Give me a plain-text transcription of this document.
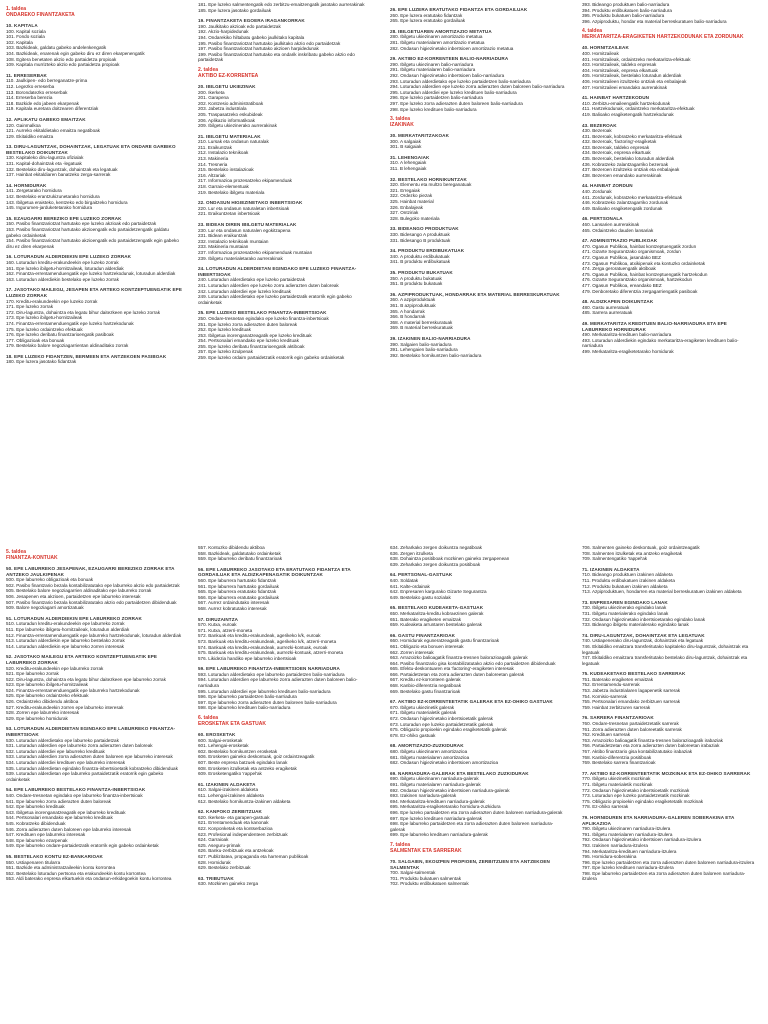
1. taldea
ONDAREKO FINANTZAKETA
10. KAPITALA
100. Kapital soziala
101. Fondo soziala
102. Kapitala
103. Bazkideak, galdatu gabeko andelenkengatik
104. Bazkideak, enarenak egin gabeko diru ez diren ekarpenengatik
108. Egitera benetaten akzio edo partaidetza propioak
109. Kapitala murrizteko akzio edo partaidetza propioak
11. ERRESERBAK
110. Jaulkipen- edo berreganatze-prima
112. Legezko erreserba
113. Borondatezko erreserbak
114. Erreserba berezia
118. Bazkide edo jabeen ekarpenak
119. Kapitala euretara doitzearen diferentziak
12. APLIKATU GABEKO EMAITZAK
120. Gainmalkoa
121. Aurreko ekitaldietako emaitza negatiboak
129. Ekitaldiko emaitza
13. DIRU-LAGUNTZAK, DOHAINTZAK, LEGATUAK ETA ONDARE GARBIKO BESTELAKO DOIKUNTZAK
130. Kapitaleko diru-laguntza ofizialak
131. Kapital-dohaintzak eta -legatuak
132. Bestelako diru-laguntzak, dohaintzak eta legatuak
137. Hainbat ekitaldiaren banatzeko zerga-sarrerak
14. HORNIDURAK
141. Zergetarako hornidura
142. Bestelako erantzukizunetarako hornidura
143. Ibilgetua eraisteko, kentzeko edo birgaitzeko hornidura
145. Ingurumen-jarduketetarako hornidura
15. EZAUGARRI BEREZIKO EPE LUZEKO ZORRAK
150. Pasibo finantzariotzat hartutako epe luzeko akzioak edo partaidetzak
153. Pasibo finantzariotzat hartutako akzioengatik edo partaidetzengatik galdatu gabeko ordainketak
154. Pasibo finantzariotzat hartutako akzioengatik edo partaidetzengatik egin gabeko diru ez diren ekarpenak
16. LOTURADUN ALDERDIEKIN EPE LUZEKO ZORRAK
160. Loturadun kreditu-erakundeekin epe luzeko zorrak
161. Epe luzeko ibilgetu-hornitzaileak, loturadun alderdiak
162. Finantza-errentamenduengatik epe luzeko hartzekodunak, loturadun alderdiak
163. Loturadun alderdiekin bestelako epe luzeko zorrak
17. JASOTAKO MAILEGU, JESAPEN ETA ARTEKO KONTZEPTUENGATIK EPE LUZEKO ZORRAK
170. Kreditu-erakundeekin epe luzeko zorrak
171. Epe luzeko zorrak
172. Diru-laguntza, dohaintza eta legatu bihur daitezkeen epe luzeko zorrak
173. Epe luzeko ibilgetu-hornitzaileak
174. Finantza-errentamenduengatik epe luzeko hartzekodunak
175. Epe luzeko ordaintzeko efektuak
176. Epe luzeko deribatu finantzarioengatik pasiboak
177. Obligazioak eta bonuak
179. Bestelako balore negoziagarrientan aldinaditako zorrak
18. EPE LUZEKO FIDANTZEN, BERMEEN ETA ANTZEKOEN PASIBOAK
180. Epe luzera jasotako fidantzak
181. Epe luzeko salmentengatik edo zerbitzu-emaitzengatik jasotako aurrerakinak
185. Epe luzera jasotako gordailuak
19. FINANTZAKETA EGOERA IRAGANKORRAK
190. Jaulkitako akzioak edo partaidetzak
192. Akzio-harpidedunak
194. Ondarekiko hiltabatu gabeko jaulkitako kapitala
195. Pasibo finantzariotzat hartutako jaulkitako akzio edo partaidetzak
197. Pasibo finantzariotzat hartutako akzioen harpidedunak
199. Pasibo finantzariotzat hartutako eta ondarik inskribatu gabeko akzio edo partaidetzak
2. taldea
AKTIBO EZ-KORRENTEA
20. IBILGETU UKIEZINAK
200. Ikerketa
201. Garapena
202. Kontzesio administratiboak
203. Jabetza industriala
205. Traspasatzeko eskubideak
206. Aplikazio informatikoak
209. Ibilgetu ukiezinerako aurrerakinak
21. IBILGETU MATERIALAK
210. Lursak eta ondasun naturalak
211. Eraikuntzak
212. Instalazio teknikoak
213. Makineria
214. Tresneria
215. Bestelako instalazioak
216. Altzariak
217. Informazioa prozesatzeko ekipamenduak
218. Garraio-elementuak
219. Bestelako ibilgetu materiala
22. ONDASUN HIGIEZINETAKO INBERTSIOAK
220. Lur eta ondasun naturaletan inbertsioak
221. Eraikuntzetan inbertsioak
23. BIDEAN DIREN IBILGETU MATERIALAK
230. Lur eta ondasun naturalen egokitzapena
231. Bidean eraikuntzak
232. Instalazio teknikoak muntaian
233. Makineria muntaian
237. Informazioa prozesatzeko ekipamenduak muntaian
239. Ibilgetu materialetarako aurrerakinak
24. LOTURADUN ALDERDIETAN EGINDAKO EPE LUZEKO FINANTZA-INBERTSIOAK
240. Loturadun alderdietako epe luzeko partaidetzak
241. Loturadun alderdien epe luzeko zorra adierazten duten baloreak
242. Loturadun alderdiei epe luzeko kredituak
249. Loturadun alderdietako epe luzeko partaidetzatik eratorrik egin gabeko ordainketak
25. EPE LUZEKO BESTELAKO FINANTZA-INBERTSIOAK
250. Ondare-tresnetan egindako epe luzeko finantza-inbertsioak
251. Epe luzeko zorra adierazten duten baloreak
252. Epe luzeko kredituak
253. Ibilgetua inorenganatzeagatik epe luzeko kredituak
254. Pertsonalari emandako epe luzeko kredituak
255. Epe luzeko deribatu finantzarioengatik aktiboak
257. Epe luzeko itzulpenak
259. Epe luzeko ordaim partaidetzatik eratorrik egin gabeko ordainketak
26. EPE LUZERA ERATUTAKO FIDANTZA ETA GORDAILUAK
260. Epe luzera eratutako fidantzak
265. Epe luzera eratutako gordailuak
28. IBILGETUAREN AMORTIZAZIO METATUA
280. Ibilgetu ukiezinaren amortizazio metatua
281. Ibilgetu materialaren amortizazio metatua
282. Ondasun higiezinetako inbertsioen amortizazio metatua
29. AKTIBO EZ-KORRENTEEN BALIO-NARRIADURA
290. Ibilgetu ukiezinaren balio-narriadura
291. Ibilgetu materialaren balio-narriadura
292. Ondasun higiezinetako inbertsioen balio-narriadura
293. Loturadun alderdietako epe luzeko partaidetzen balio-narriadura
294. Loturadun alderdien epe luzeko zorra adierazten duten baloreen balio-narriadura
295. Loturadun alderdiei epe luzeko kredituen balio-narriadura
296. Epe luzeko partaidetzen balio-narriadura
297. Epe luzeko zorra adierazten duten baloreen balio-narriadura
298. Epe luzeko kredituen balio-narriadura
3. taldea
IZAKINAK
30. MERKATARITZAKOAK
300. A salgaiak
301. B salgaiak
31. LEHENGAIAK
310. A lehengaiak
311. B lehengaiak
32. BESTELAKO HORNIKUNTZAK
320. Elementu eta multzo bereganatuak
321. Erregaiak
322. Ordezko piezak
325. Hainbat material
326. Enbalajeak
327. Ontziriak
328. Bulegoko materiala
33. BIDEANGO PRODUKTUAK
330. Bidesango A produktuak
331. Bidesango B produktuak
34. PRODUKTU ERDIBUKATUAK
340. A produktu erdibukatuak
341. B produktu erdibukatuak
35. PRODUKTU BUKATUAK
350. A produktu bukatuak
351. B produktu bukatuak
36. AZPIPRODUKTUAK, HONDARRAK ETA MATERIAL BERRESKURATUAK
360. A azpiproduktuak
361. B azpiproduktuak
365. A hondarrak
366. B hondarrak
368. A material berreskuratuak
369. B material berreskuratuak
39. IZAKINEN BALIO-NARRIADURA
390. Salgaien balio-narriadura
391. Lehengaien balio-narriadura
392. Bestelako hornikuntzen balio-narriadura
393. Bideango produktuen balio-narriadura
394. Produktu erdibukatuen balio-narriadura
395. Produktu bukatuen balio-narriadura
396. Azpiproduktu, hondar eta material berreskuratuen balio-narriadura
4. taldea
MERKATARITZA-ERAGIKETEN HARTZEKODUNAK ETA ZORDUNAK
40. HORNITZAILEAK
400. Hornitzaileak
401. Hornitzaileak, ordaintzeko merkataritza-efektuak
403. Hornitzaileak, taldeko enpresak
404. Hornitzaileak, enpresa elkartuak
405. Hornitzaileak, bestelako loturadun alderdiak
406. Hornitzaileen itzultzeko ontziak eta enbalajeak
407. Hornitzaileei emandako aurrerakinak
41. HAINBAT HARTZEKODUN
410. Zerbitzu-emaileengatik hartzekodunak
411. Hartzekodunak, ordaintzeko merkataritza-efektuak
419. Balioako eragiketengatik hartzekodunak
43. BEZEROAK
430. Bezeroak
431. Bezeroak, kobratzeko merkataritza-efektuak
432. Bezeroak, 'factoring'-eragiketak
433. Bezeroak, taldeko enpresak
434. Bezeroak, enpresa elkartuak
435. Bezeroak, bestelako loturadun alderdiak
436. Kobratzeko zalantzagarriko bezeroak
437. Bezeroen itzultzeko ontziak eta enbalajeak
438. Bezeroen emandako aurrerakinak
44. HAINBAT ZORDUN
440. Zordunak
441. Zordunak, kobratzeko merkataritza-efektuak
446. Kobratzeko zalantzagarriko zordunak
449. Balioako eragiketengatik zordunak
46. PERTSONALA
460. Lansarien aurrerakinak
465. Ordaintzeko dauden lansariak
47. ADMINISTRAZIO PUBLIKOAK
470. Ogasun Publikoa, hainbat kontzeptuengatik zordun
471. Gizarte Segurantzako organismoak, zordun
472. Ogasun Publikoa, jasandako BEZ
473. Ogasun Publikoa, atxikipenak eta kontuzko ordainketak
474. Zerga geroratuengatik aktiboak
475. Ogasun Publikoa, hainbat kontzeptuengatik hartzekodun
476. Gizarte Segurantzako organismoak, hartzekodun
477. Ogasun Publikoa, ereandako BEZ
479. Denboretako diferentzia zergagarriengatik pasiboak
48. ALDIZKAPEN DOIKUNTZAK
480. Gastu aurreratuak
485. Sarrera aurreratuak
49. MERKATARITZA KREDITUEN BALIO-NARRIADURA ETA EPE LABURREKO HORNIDURAK
490. Merkataritza-kredituen balio-narriadura
493. Loturadun alderdiekin egindako merkataritza-eragiketen kredituen balio-narriadura
499. Merkataritza-eragiketetarako hornidurak
5. taldea
FINANTZA-KONTUAK
50. EPE LABURREKO JESAPENAK, EZAUGARRI BEREZIKO ZORRAK ETA ANTZEKO JAULKIPENAK
500. Epe laburreko obligazioak eta bonuak
502. Pasibo finantzario bezala kontabilizatutako epe laburreko akzio edo partaidetzak
505. Bestelako balore negoziagarrien aldinaditako epe laburreko zorrak
506. Jesapenen eta akzioen, partaidetzen epe laburreko interesak
507. Pasibo finantzario bezala kontabilizatutako akzio edo partaidetzen dibidenduak
509. Balore negoziagarri amortizatuak
51. LOTURADUN ALDERDIEKIN EPE LABURREKO ZORRAK
510. Loturadun kreditu-erakundeekin epe laburreko zorrak
511. Epe laburreko ibilgetu-hornitzaileak, loturadun alderdiak
512. Finantza-errentamenduengatik epe laburreko hartzekodunak, loturadun alderdiak
513. Loturadun alderdiekin epe laburreko bestelako zorrak
514. Loturadun alderdiekin epe laburreko zorren interesak
52. JASOTAKO MAILEGU ETA ARTEKO KONTZEPTUENGATIK EPE LABURREKO ZORRAK
520. Kreditu-erakundeekin epe laburreko zorrak
521. Epe laburreko zorrak
522. Diru-laguntza, dohaintza eta legatu bihur daitezkeen epe laburreko zorrak
523. Epe laburreko ibilgetu-hornitzaileak
524. Finantza-errentamenduengatik epe laburreko hartzekodunak
525. Epe laburreko ordaintzeko efektuak
526. Ordaintzeko dibidendu aktiboa
527. Kreditu-erakundeekin zorren epe laburreko interesak
528. Zorren epe laburreko interesak
529. Epe laburreko hornidurak
53. LOTURADUN ALDERDIETAN EGINDAKO EPE LABURREKO FINANTZA-INBERTSIOAK
530. Loturadun alderdietako epe laburreko partaidetzak
531. Loturadun alderdien epe laburreko zorra adierazten duten baloreak
532. Loturadun alderdiei epe laburreko kredituak
533. Loturadun alderdien zorra adierazten duten baloreen epe laburreko interesak
534. Loturadun alderdiei kredituen epe laburreko interesak
535. Loturadun alderdietan egindako finantza-inbertsioetatik kobratzeko dibidenduak
539. Loturadun alderdietan epe laburreko partaidetzatik eratorrik egin gabeko ordainketak
54. EPE LABURREKO BESTELAKO FINANTZA-INBERTSIOAK
540. Ondare-tresnetan egindako epe laburreko finantza-inbertsioak
541. Epe laburreko zorra adierazten duten baloreak
542. Epe laburreko kredituak
543. Ibilgetua inorenganatzeagatik epe laburreko kredituak
544. Pertsonalari emandako epe laburreko kredituak
545. Kobratzeko dibidenduak
546. Zorra adierazten duten baloreen epe laburreko interesak
547. Kredituen epe laburreko interesak
548. Epe laburreko ezarpenak
549. Epe laburreko ondare-partaidetzatik eratorrik egin gabeko ordainketak
55. BESTELAKO KONTU EZ-BANKARIOAK
550. Ustiapenaren titularra
551. Bazkide eta administratzaileekin kontu korrontea
552. Bestelako loturadun pertsona eta erakundeekin kontu korrontea
553. Aldi baterako enpresa elkartuekin eta ondasun-erkidegoekin kontu korrontea
557. Kontuzko dibidendu aktiboa
558. Bazkideak, galdatutako ordainketak
559. Epe laburreko deribatu finantzarioak
56. EPE LABURREKO JASOTAKO ETA ERATUTAKO FIDANTZA ETA GORDAILUAK ETA ALDIZKAPENAGATIK DOIKUNTZAK
560. Epe laburrera hartutako fidantzak
561. Epe laburrera hartutako gordailuak
565. Epe laburrera eratutako fidantzak
566. Epe laburrera eratutako gordailuak
567. Aurrez ordaindutako interesak
568. Aurrez kobratutako interesak
57. DIRUZAINTZA
570. Kutxa, euroak
571. Kutxa, atzerri-moneta
572. Bankuak eta kreditu-erakundeak, agerikeko k/k, euroak
573. Bankuak eta kreditu-erakundeak, agerikeko k/k, atzerri-moneta
574. Bankuak eta kreditu-erakundeak, aurrezki-kontuak, euroak
575. Bankuak eta kreditu-erakundeak, aurrezki-kontuak, atzerri-moneta
576. Likidezia handiko epe laburreko inbertsioak
59. EPE LABURREKO FINANTZA-INBERTSIOEN NARRIADURA
593. Loturadun alderdietako epe laburreko partaidetzen balio-narriadura
594. Loturadun alderdien epe laburreko zorra adierazten duten baloreen balio-narriadura
595. Loturadun alderdiei epe laburreko kredituen balio-narriadura
596. Epe laburreko partaidetzen balio-narriadura
597. Epe laburreko zorra adierazten duten baloreen balio-narriadura
598. Epe laburreko kredituen balio-narriadura
6. taldea
EROSKETAK ETA GASTUAK
60. EROSKETAK
600. Salgai-erosketak
601. Lehengai-erosketak
602. Bestelako hornikuntzen erosketak
606. Erosketen gaineko deskontuak, goiz ordaintzeagatik
607. Beste enpresa batzuek egindako lanak
608. Erosketen itzulketak eta antzeko eragiketak
609. Erosketengatiko 'rappel'ak
61. IZAKINEN ALDAKETA
610. Salgai-izakinen aldaketa
611. Lehengai-izakinen aldaketa
612. Bestelako hornikuntza-izakinen aldaketa
62. KANPOKO ZERBITZUAK
620. Ikerketa- eta garapen-gastuak
621. Errentamenduak eta kanonak
622. Konponketak eta kontserbazioa
623. Profesional independenteen zerbitzuak
624. Garraioak
625. Aseguru-primak
626. Banku-zerbitzuak eta antzekoak
627. Publizitatea, propaganda eta harreman publikoak
628. Hornidurak
629. Bestelako zerbitzuak
63. TRIBUTUAK
630. Mozkinen gaineko zerga
634. Zeharkako zergen doikuntza negatiboak
636. Zergen itzulketa
638. Dohaintza positiboak mozkinen gaineko zergapenean
639. Zeharkako zergen doikuntza positiboak
64. PERTSONAL-GASTUAK
640. Soldatak
641. Kalte-ordainak
642. Enpresaren kargurako Gizarte Segurantza
649. Bestelako gastu sozialak
65. BESTELAKO KUDEAKETA-GASTUAK
650. Merkataritza-kreditu kobraezinen galerak
651. Baterako eragiketen emaitzak
659. Kudeaketa arruntaren bestelako galerak
66. GASTU FINANTZARIOAK
660. Hornidurak eguneratzeagatik gastu finantzarioak
661. Obligazio eta bonuen interesak
662. Zorren interesak
663. Arrazoizko balioagatik finantza-tresnen balorazioagatik galerak
664. Pasibo finantzario gisa kontabilizatutako akzio edo partaidetzen dibidenduak
665. Efektu-deskontuaren eta 'factoring'-eragiketen interesak
666. Partaidetzetan eta zorra adierazten duten baloreetan galerak
667. Kreditu ez-korronteen galerak
668. Kanbio-diferentzia negatiboak
669. Bestelako gastu finantzarioak
67. AKTIBO EZ-KORRENTEETATIK GALERAK ETA EZ-OHIKO GASTUAK
670. Ibilgetu ukiezinetik galerak
671. Ibilgetu materialetik galerak
672. Ondasun higiezinetako inbertsioetatik galerak
673. Loturadun epe luzeko partaidetzetatik galerak
675. Obligazio propioekin egindako eragiketetatik galerak
678. Ez-ohiko gastuak
68. AMORTIZAZIO-ZUZKIDURAK
680. Ibilgetu ukiezinaren amortizazioa
681. Ibilgetu materialaren amortizazioa
682. Ondasun higiezinetako inbertsioen amortizazioa
69. NARRIADURA-GALERAK ETA BESTELAKO ZUZKIDURAK
690. Ibilgetu ukiezinaren narriadura-galerak
691. Ibilgetu materialaren narriadura-galerak
692. Ondasun higiezinetako inbertsioen narriadura-galerak
693. Izakinen narriadura-galerak
694. Merkataritza-kredituen narriadura-galerak
695. Merkataritza-eragiketetarako hornidura-zuzkidura
696. Epe luzeko partaidetzen eta zorra adierazten duten baloreen narriadura-galerak
697. Epe luzeko kredituen narriadura-galerak
698. Epe laburreko partaidetzen eta zorra adierazten duten baloreen narriadura-galerak
699. Epe laburreko kredituen narriadura-galerak
7. taldea
SALMENTAK ETA SARRERAK
70. SALGAIEN, EKOIZPEN PROPIOEN, ZERBITZUEN ETA ANTZEKOEN SALMENTAK
700. Salgai-salmentak
701. Produktu bukatuen salmentak
702. Produktu erdibukatuen salmentak
706. Salmenten gaineko deskontuak, goiz ordaintzeagatik
708. Salmenten itzulketak eta antzeko eragiketak
709. Salmentengatiko 'rappel'ak
71. IZAKINEN ALDAKETA
710. Bideango produktuen izakinen aldaketa
711. Produktu erdibukatuen izakinen aldaketa
712. Produktu bukatuen izakinen aldaketa
713. Azpiproduktuen, hondarren eta material berreskuratuen izakinen aldaketa
73. ENPRESAREN EGINDAKO LANAK
730. Ibilgetu ukiezinerako egindako lanak
731. Ibilgetu materialerako egindako lanak
732. Ondasun higiezinetako inbertsioetarako egindako lanak
733. Bideango ibilgetu materialerako egindako lanak
74. DIRU-LAGUNTZAK, DOHAINTZAK ETA LEGATUAK
740. Ustiapenerako diru-laguntzak, dohaintzak eta legatuak
746. Ekitaldiko emaitzara transferitutako kapitaleko diru-laguntzak, dohaintzak eta legatuak
747. Ekitaldiko emaitzara transferitutako bestelako diru-laguntzak, dohaintzak eta legatuak
75. KUDEAKETAKO BESTELAKO SARRERAK
751. Baterako eragiketen emaitzak
752. Errentamendu-sarrerak
753. Jabetza industrialaren lagapenetik sarrerak
754. Komisio-sarrerak
755. Pertsonalari emandako zerbitzuen sarrerak
759. Hainbat zerbitzuren sarrerak
76. SARRERA FINANTZARIOAK
760. Ondare-tresnetan partaidetzetatik sarrerak
761. Zorra adierazten duten baloreetatik sarrerak
762. Kredituen sarrerak
763. Arrazoizko balioagatik finantza-tresnen balorazioagatik irabaziak
766. Partaidetzetan eta zorra adierazten duten baloreetan irabaziak
767. Aktibo finantzario gisa kontabilizatutako irabaziak
768. Kanbio-diferentzia positiboak
769. Bestelako sarrera finantzarioak
77. AKTIBO EZ-KORRENTEETATIK MOZKINAK ETA EZ-OHIKO SARRERAK
770. Ibilgetu ukiezinetik mozkinak
771. Ibilgetu materialetik mozkinak
772. Ondasun higiezinetako inbertsioetatik mozkinak
773. Loturadun epe luzeko partaidetzetatik mozkinak
775. Obligazio propioekin egindako eragiketetatik mozkinak
778. Ez-ohiko sarrerak
79. HORNIDUREN ETA NARRIADURA-GALEREN SOBERAKINA ETA APLIKAZIOA
790. Ibilgetu ukiezinaren narriadura-itzulera
791. Ibilgetu materialaren narriadura-itzulera
792. Ondasun higiezinetako inbertsioen narriadura-itzulera
793. Izakinen narriadura-itzulera
794. Merkataritza-kredituen narriadura-itzulera
795. Hornidura-soberakina
796. Epe luzeko partaidetzen eta zorra adierazten duten baloreen narriadura-itzulera
797. Epe luzeko kredituen narriadura-itzulera
798. Epe laburreko partaidetzen eta zorra adierazten duten baloreen narriadura-itzulera
